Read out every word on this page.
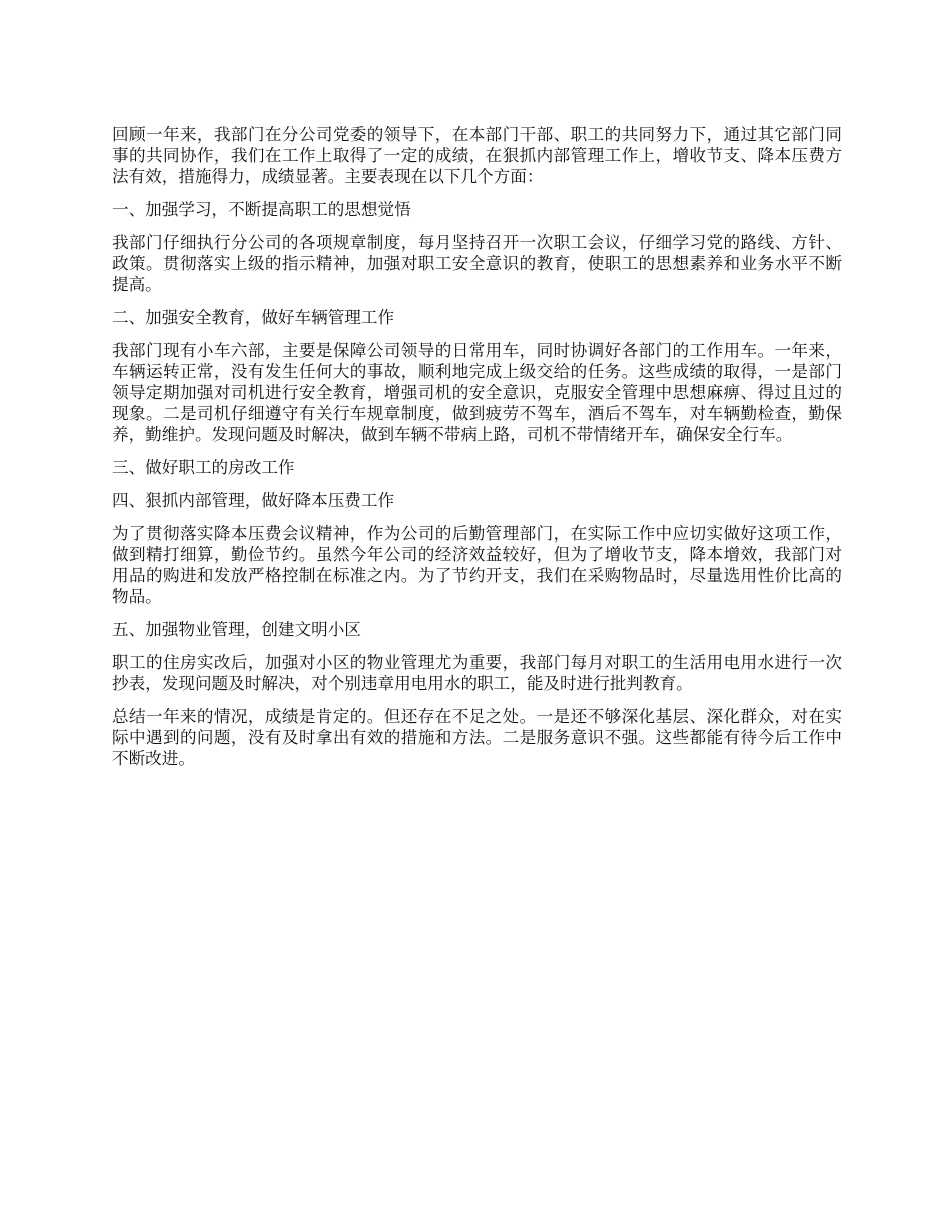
回顾一年来，我部门在分公司党委的领导下，在本部门干部、职工的共同努力下，通过其它部门同事的共同协作，我们在工作上取得了一定的成绩，在狠抓内部管理工作上，增收节支、降本压费方法有效，措施得力，成绩显著。主要表现在以下几个方面：

一、加强学习，不断提高职工的思想觉悟

我部门仔细执行分公司的各项规章制度，每月坚持召开一次职工会议，仔细学习党的路线、方针、政策。贯彻落实上级的指示精神，加强对职工安全意识的教育，使职工的思想素养和业务水平不断提高。

二、加强安全教育，做好车辆管理工作

我部门现有小车六部，主要是保障公司领导的日常用车，同时协调好各部门的工作用车。一年来，车辆运转正常，没有发生任何大的事故，顺利地完成上级交给的任务。这些成绩的取得，一是部门领导定期加强对司机进行安全教育，增强司机的安全意识，克服安全管理中思想麻痹、得过且过的现象。二是司机仔细遵守有关行车规章制度，做到疲劳不驾车，酒后不驾车，对车辆勤检查，勤保养，勤维护。发现问题及时解决，做到车辆不带病上路，司机不带情绪开车，确保安全行车。

三、做好职工的房改工作

四、狠抓内部管理，做好降本压费工作

为了贯彻落实降本压费会议精神，作为公司的后勤管理部门，在实际工作中应切实做好这项工作，做到精打细算，勤俭节约。虽然今年公司的经济效益较好，但为了增收节支，降本增效，我部门对用品的购进和发放严格控制在标准之内。为了节约开支，我们在采购物品时，尽量选用性价比高的物品。

五、加强物业管理，创建文明小区

职工的住房实改后，加强对小区的物业管理尤为重要，我部门每月对职工的生活用电用水进行一次抄表，发现问题及时解决，对个别违章用电用水的职工，能及时进行批判教育。

总结一年来的情况，成绩是肯定的。但还存在不足之处。一是还不够深化基层、深化群众，对在实际中遇到的问题，没有及时拿出有效的措施和方法。二是服务意识不强。这些都能有待今后工作中不断改进。
